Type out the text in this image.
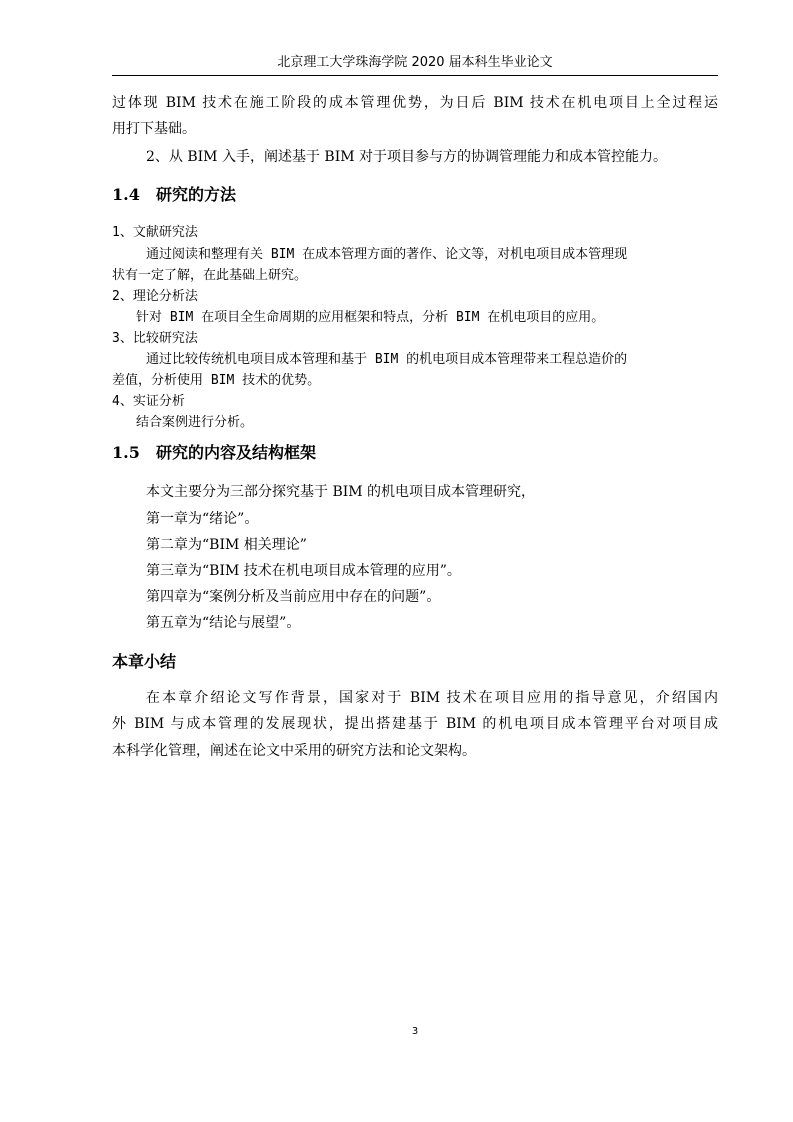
北京理工大学珠海学院 2020 届本科生毕业论文
过体现 BIM 技术在施工阶段的成本管理优势，为日后 BIM 技术在机电项目上全过程运
用打下基础。
2、从 BIM 入手，阐述基于 BIM 对于项目参与方的协调管理能力和成本管控能力。
1.4 研究的方法
1、文献研究法
通过阅读和整理有关 BIM 在成本管理方面的著作、论文等，对机电项目成本管理现
状有一定了解，在此基础上研究。
2、理论分析法
针对 BIM 在项目全生命周期的应用框架和特点，分析 BIM 在机电项目的应用。
3、比较研究法
通过比较传统机电项目成本管理和基于 BIM 的机电项目成本管理带来工程总造价的
差值，分析使用 BIM 技术的优势。
4、实证分析
结合案例进行分析。
1.5 研究的内容及结构框架
本文主要分为三部分探究基于 BIM 的机电项目成本管理研究，
第一章为“绪论”。
第二章为“BIM 相关理论”
第三章为“BIM 技术在机电项目成本管理的应用”。
第四章为“案例分析及当前应用中存在的问题”。
第五章为“结论与展望”。
本章小结
在本章介绍论文写作背景，国家对于 BIM 技术在项目应用的指导意见，介绍国内
外 BIM 与成本管理的发展现状，提出搭建基于 BIM 的机电项目成本管理平台对项目成
本科学化管理，阐述在论文中采用的研究方法和论文架构。
3
